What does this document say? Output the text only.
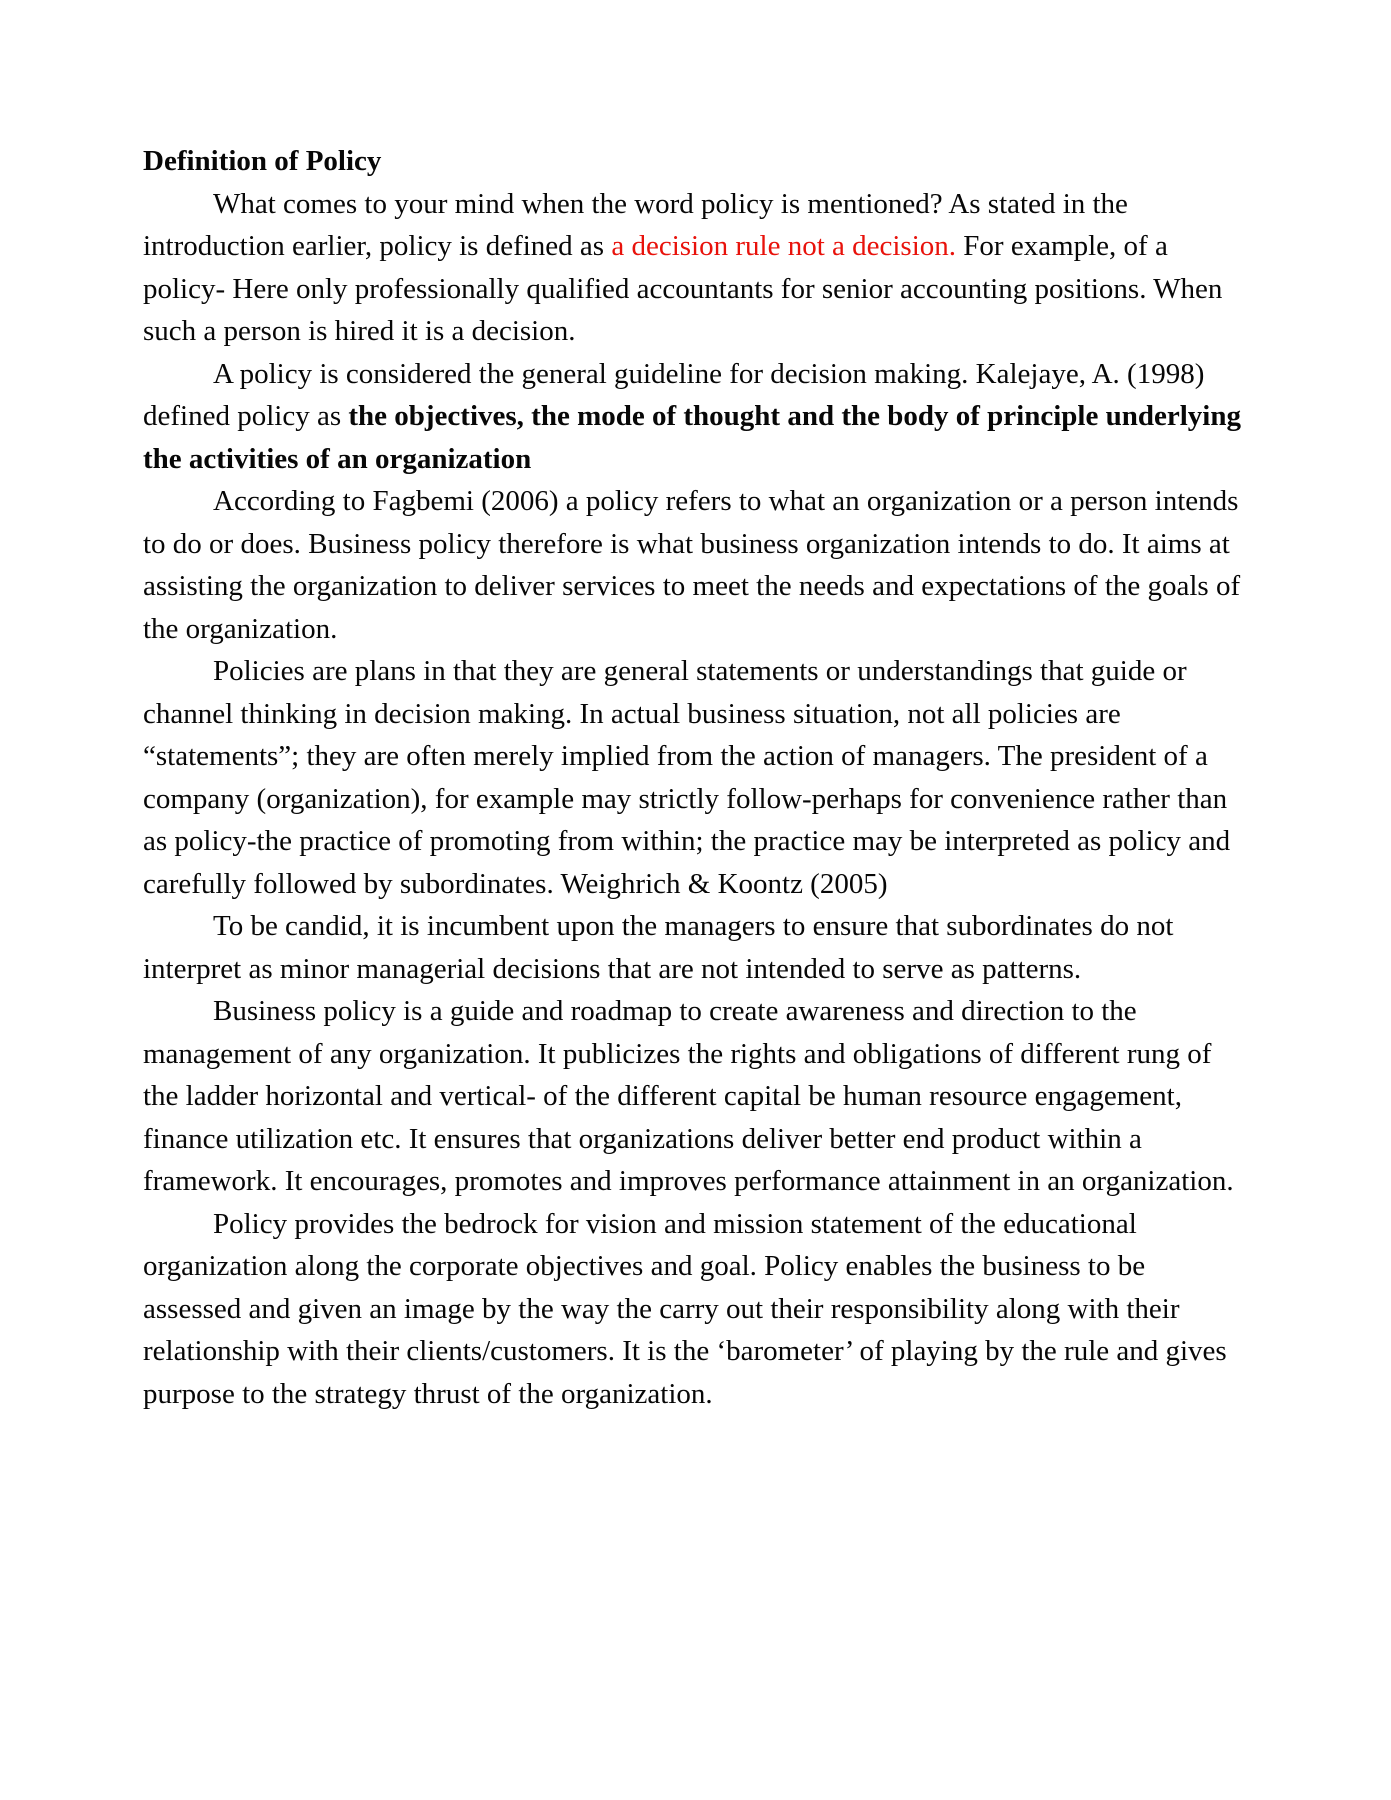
Definition of Policy

What comes to your mind when the word policy is mentioned? As stated in the introduction earlier, policy is defined as a decision rule not a decision. For example, of a policy- Here only professionally qualified accountants for senior accounting positions. When such a person is hired it is a decision.

A policy is considered the general guideline for decision making. Kalejaye, A. (1998) defined policy as the objectives, the mode of thought and the body of principle underlying the activities of an organization

According to Fagbemi (2006) a policy refers to what an organization or a person intends to do or does. Business policy therefore is what business organization intends to do. It aims at assisting the organization to deliver services to meet the needs and expectations of the goals of the organization.

Policies are plans in that they are general statements or understandings that guide or channel thinking in decision making. In actual business situation, not all policies are “statements”; they are often merely implied from the action of managers. The president of a company (organization), for example may strictly follow-perhaps for convenience rather than as policy-the practice of promoting from within; the practice may be interpreted as policy and carefully followed by subordinates. Weighrich & Koontz (2005)

To be candid, it is incumbent upon the managers to ensure that subordinates do not interpret as minor managerial decisions that are not intended to serve as patterns.

Business policy is a guide and roadmap to create awareness and direction to the management of any organization. It publicizes the rights and obligations of different rung of the ladder horizontal and vertical- of the different capital be human resource engagement, finance utilization etc. It ensures that organizations deliver better end product within a framework. It encourages, promotes and improves performance attainment in an organization.

Policy provides the bedrock for vision and mission statement of the educational organization along the corporate objectives and goal. Policy enables the business to be assessed and given an image by the way the carry out their responsibility along with their relationship with their clients/customers. It is the ‘barometer’ of playing by the rule and gives purpose to the strategy thrust of the organization.
